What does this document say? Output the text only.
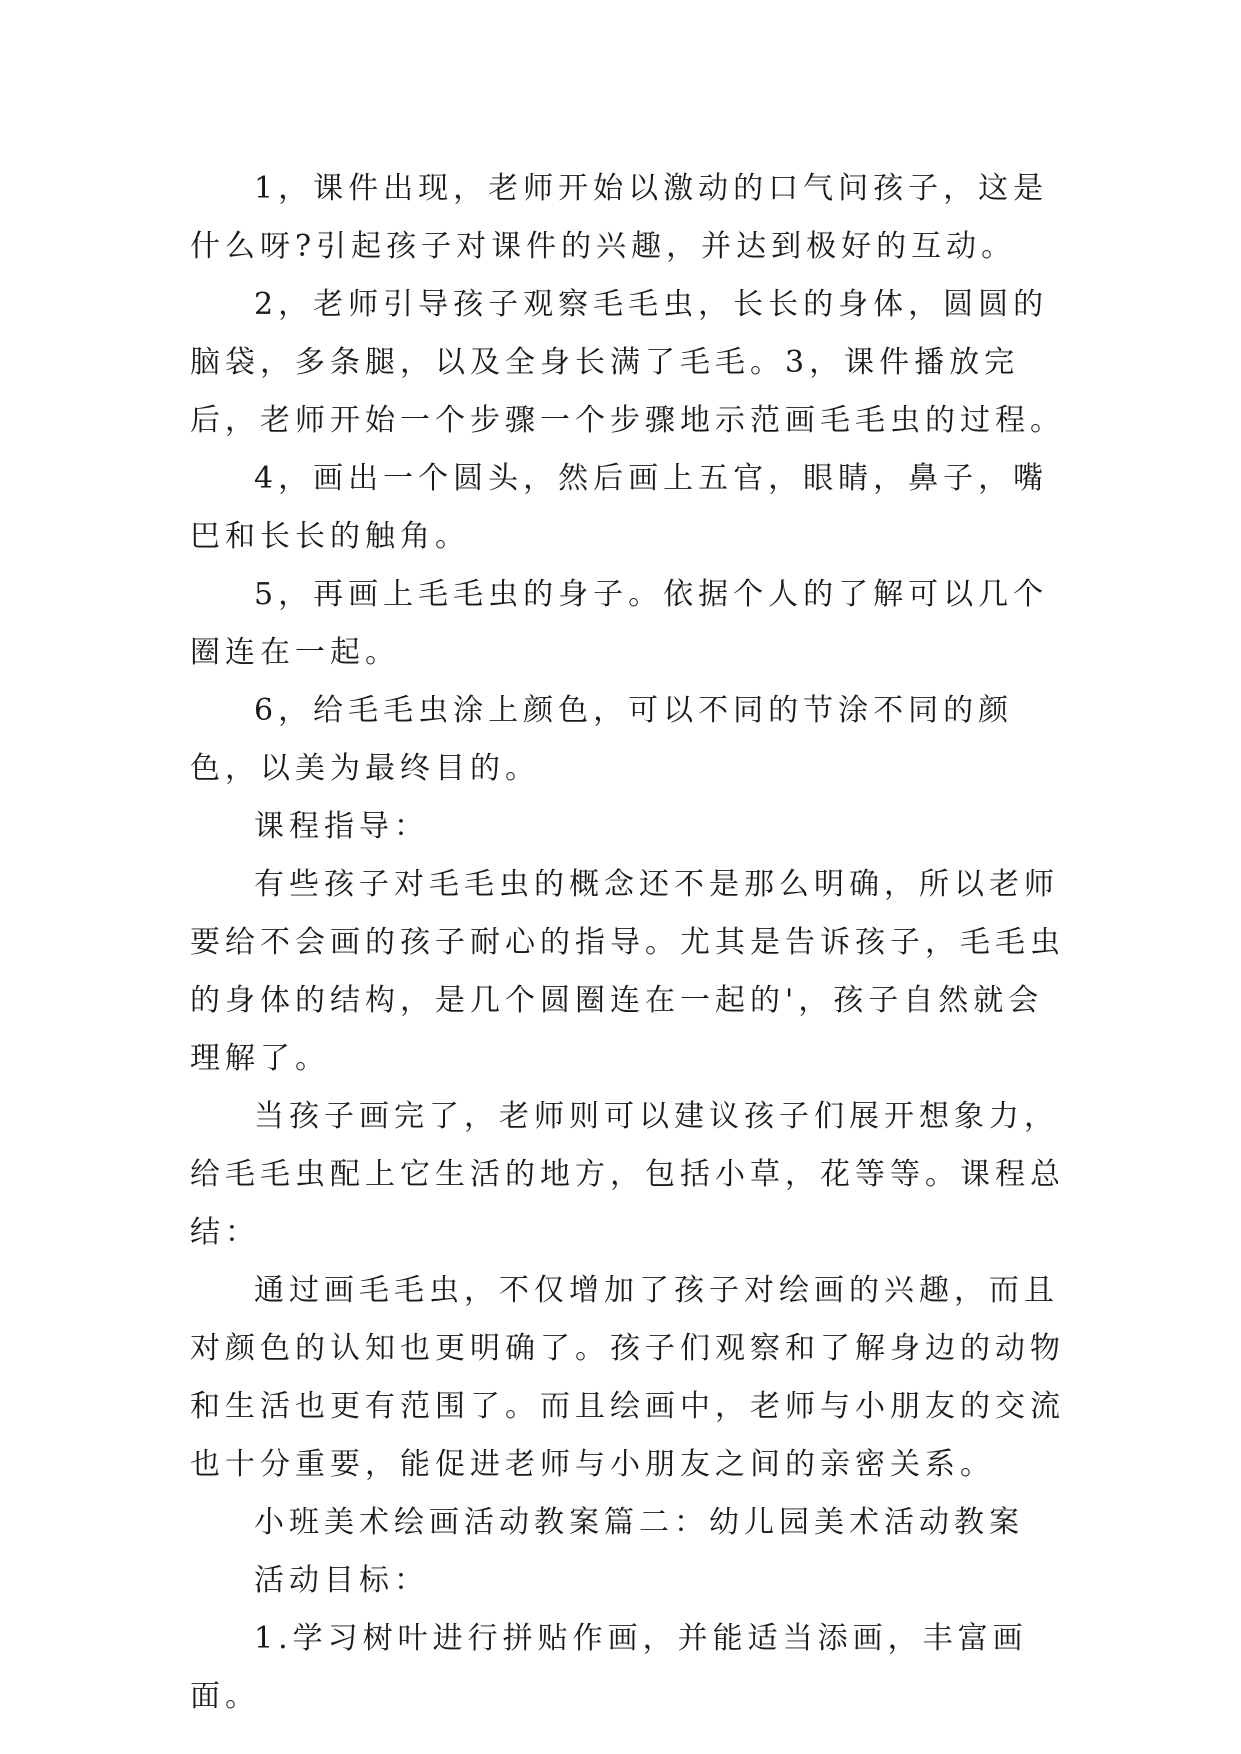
1，课件出现，老师开始以激动的口气问孩子，这是什么呀?引起孩子对课件的兴趣，并达到极好的互动。

2，老师引导孩子观察毛毛虫，长长的身体，圆圆的脑袋，多条腿，以及全身长满了毛毛。3，课件播放完后，老师开始一个步骤一个步骤地示范画毛毛虫的过程。

4，画出一个圆头，然后画上五官，眼睛，鼻子，嘴巴和长长的触角。

5，再画上毛毛虫的身子。依据个人的了解可以几个圈连在一起。

6，给毛毛虫涂上颜色，可以不同的节涂不同的颜色，以美为最终目的。

课程指导：

有些孩子对毛毛虫的概念还不是那么明确，所以老师要给不会画的孩子耐心的指导。尤其是告诉孩子，毛毛虫的身体的结构，是几个圆圈连在一起的'，孩子自然就会理解了。

当孩子画完了，老师则可以建议孩子们展开想象力，给毛毛虫配上它生活的地方，包括小草，花等等。课程总结：

通过画毛毛虫，不仅增加了孩子对绘画的兴趣，而且对颜色的认知也更明确了。孩子们观察和了解身边的动物和生活也更有范围了。而且绘画中，老师与小朋友的交流也十分重要，能促进老师与小朋友之间的亲密关系。

小班美术绘画活动教案篇二：幼儿园美术活动教案

活动目标：

1.学习树叶进行拼贴作画，并能适当添画，丰富画面。
